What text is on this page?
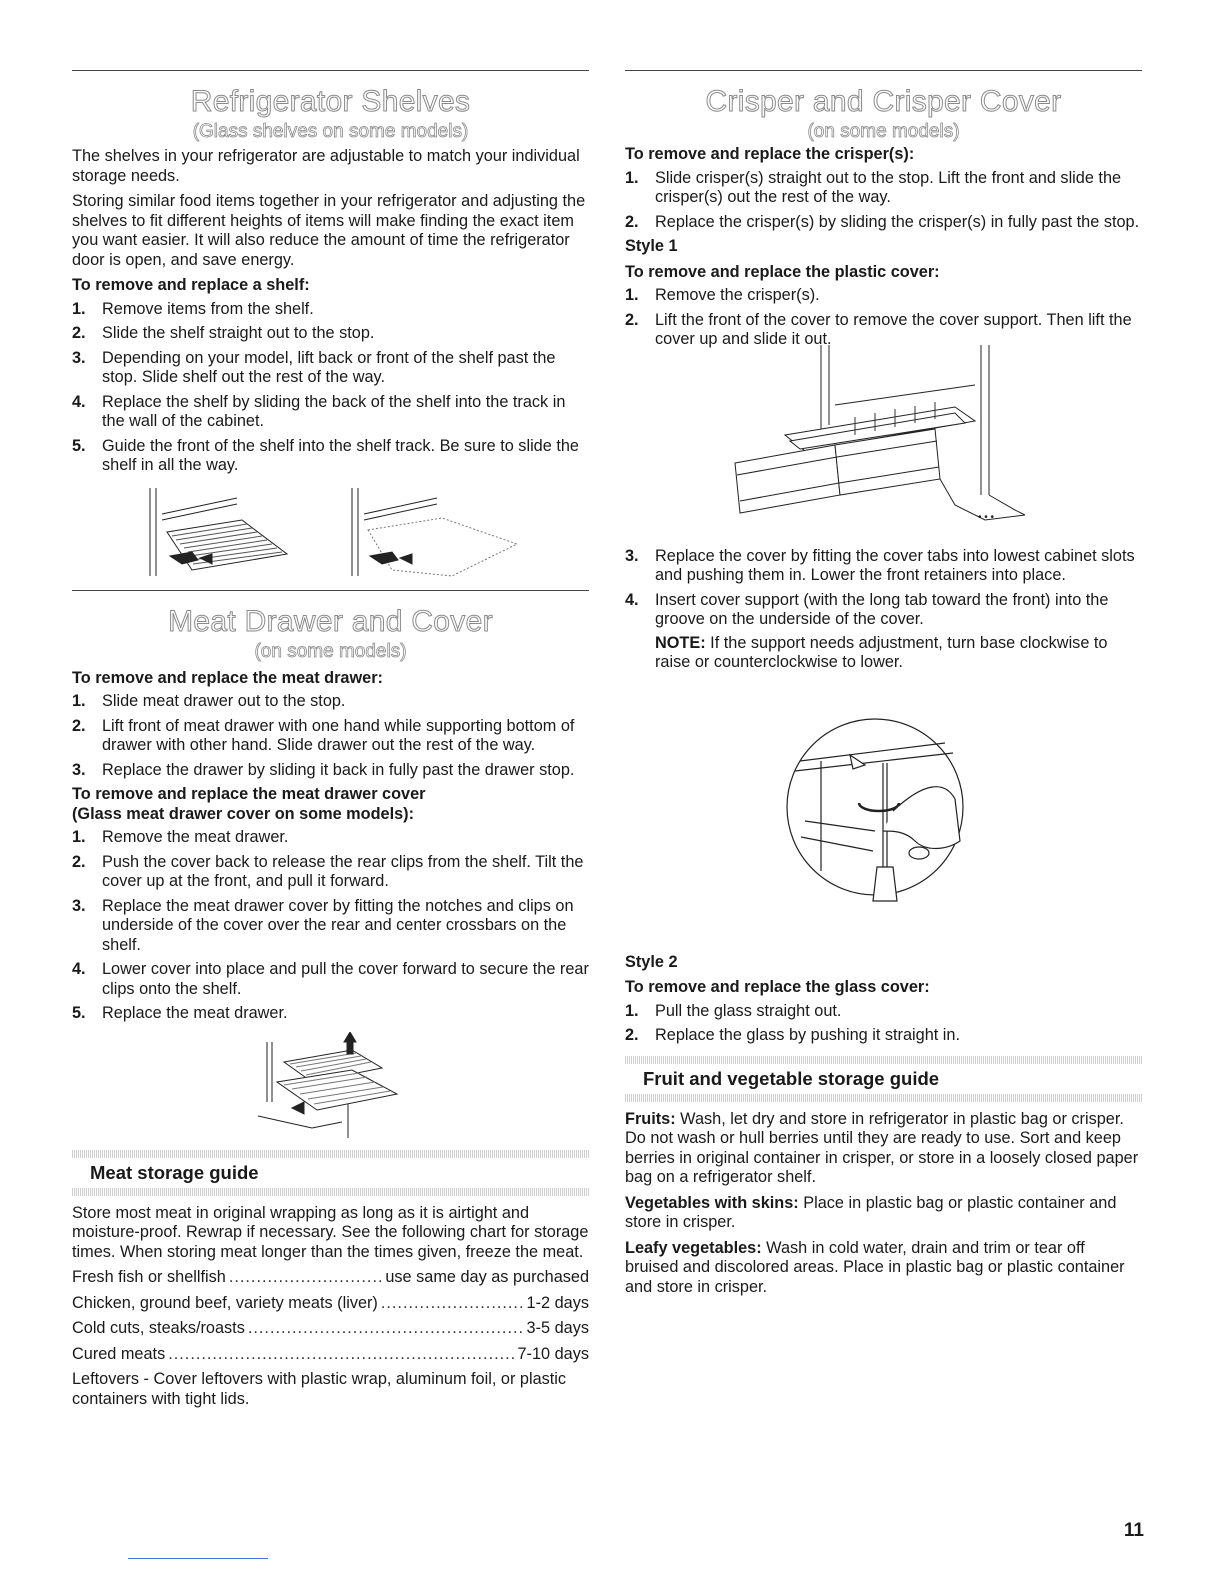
Refrigerator Shelves
(Glass shelves on some models)

The shelves in your refrigerator are adjustable to match your individual storage needs.

Storing similar food items together in your refrigerator and adjusting the shelves to fit different heights of items will make finding the exact item you want easier. It will also reduce the amount of time the refrigerator door is open, and save energy.

To remove and replace a shelf:
1. Remove items from the shelf.
2. Slide the shelf straight out to the stop.
3. Depending on your model, lift back or front of the shelf past the stop. Slide shelf out the rest of the way.
4. Replace the shelf by sliding the back of the shelf into the track in the wall of the cabinet.
5. Guide the front of the shelf into the shelf track. Be sure to slide the shelf in all the way.
Meat Drawer and Cover
(on some models)
To remove and replace the meat drawer:
1. Slide meat drawer out to the stop.
2. Lift front of meat drawer with one hand while supporting bottom of drawer with other hand. Slide drawer out the rest of the way.
3. Replace the drawer by sliding it back in fully past the drawer stop.
To remove and replace the meat drawer cover
(Glass meat drawer cover on some models):
1. Remove the meat drawer.
2. Push the cover back to release the rear clips from the shelf. Tilt the cover up at the front, and pull it forward.
3. Replace the meat drawer cover by fitting the notches and clips on underside of the cover over the rear and center crossbars on the shelf.
4. Lower cover into place and pull the cover forward to secure the rear clips onto the shelf.
5. Replace the meat drawer.
Meat storage guide

Store most meat in original wrapping as long as it is airtight and moisture-proof. Rewrap if necessary. See the following chart for storage times. When storing meat longer than the times given, freeze the meat.

Fresh fish or shellfish .....	use same day as purchased
Chicken, ground beef, variety meats (liver) .....	1-2 days
Cold cuts, steaks/roasts .....	3-5 days
Cured meats .....	7-10 days

Leftovers - Cover leftovers with plastic wrap, aluminum foil, or plastic containers with tight lids.

Crisper and Crisper Cover
(on some models)
To remove and replace the crisper(s):
1. Slide crisper(s) straight out to the stop. Lift the front and slide the crisper(s) out the rest of the way.
2. Replace the crisper(s) by sliding the crisper(s) in fully past the stop.
Style 1
To remove and replace the plastic cover:
1. Remove the crisper(s).
2. Lift the front of the cover to remove the cover support. Then lift the cover up and slide it out.
• • •
3. Replace the cover by fitting the cover tabs into lowest cabinet slots and pushing them in. Lower the front retainers into place.
4. Insert cover support (with the long tab toward the front) into the groove on the underside of the cover.
NOTE: If the support needs adjustment, turn base clockwise to raise or counterclockwise to lower.
Style 2
To remove and replace the glass cover:
1. Pull the glass straight out.
2. Replace the glass by pushing it straight in.
Fruit and vegetable storage guide

Fruits: Wash, let dry and store in refrigerator in plastic bag or crisper. Do not wash or hull berries until they are ready to use. Sort and keep berries in original container in crisper, or store in a loosely closed paper bag on a refrigerator shelf.

Vegetables with skins: Place in plastic bag or plastic container and store in crisper.

Leafy vegetables: Wash in cold water, drain and trim or tear off bruised and discolored areas. Place in plastic bag or plastic container and store in crisper.

11
